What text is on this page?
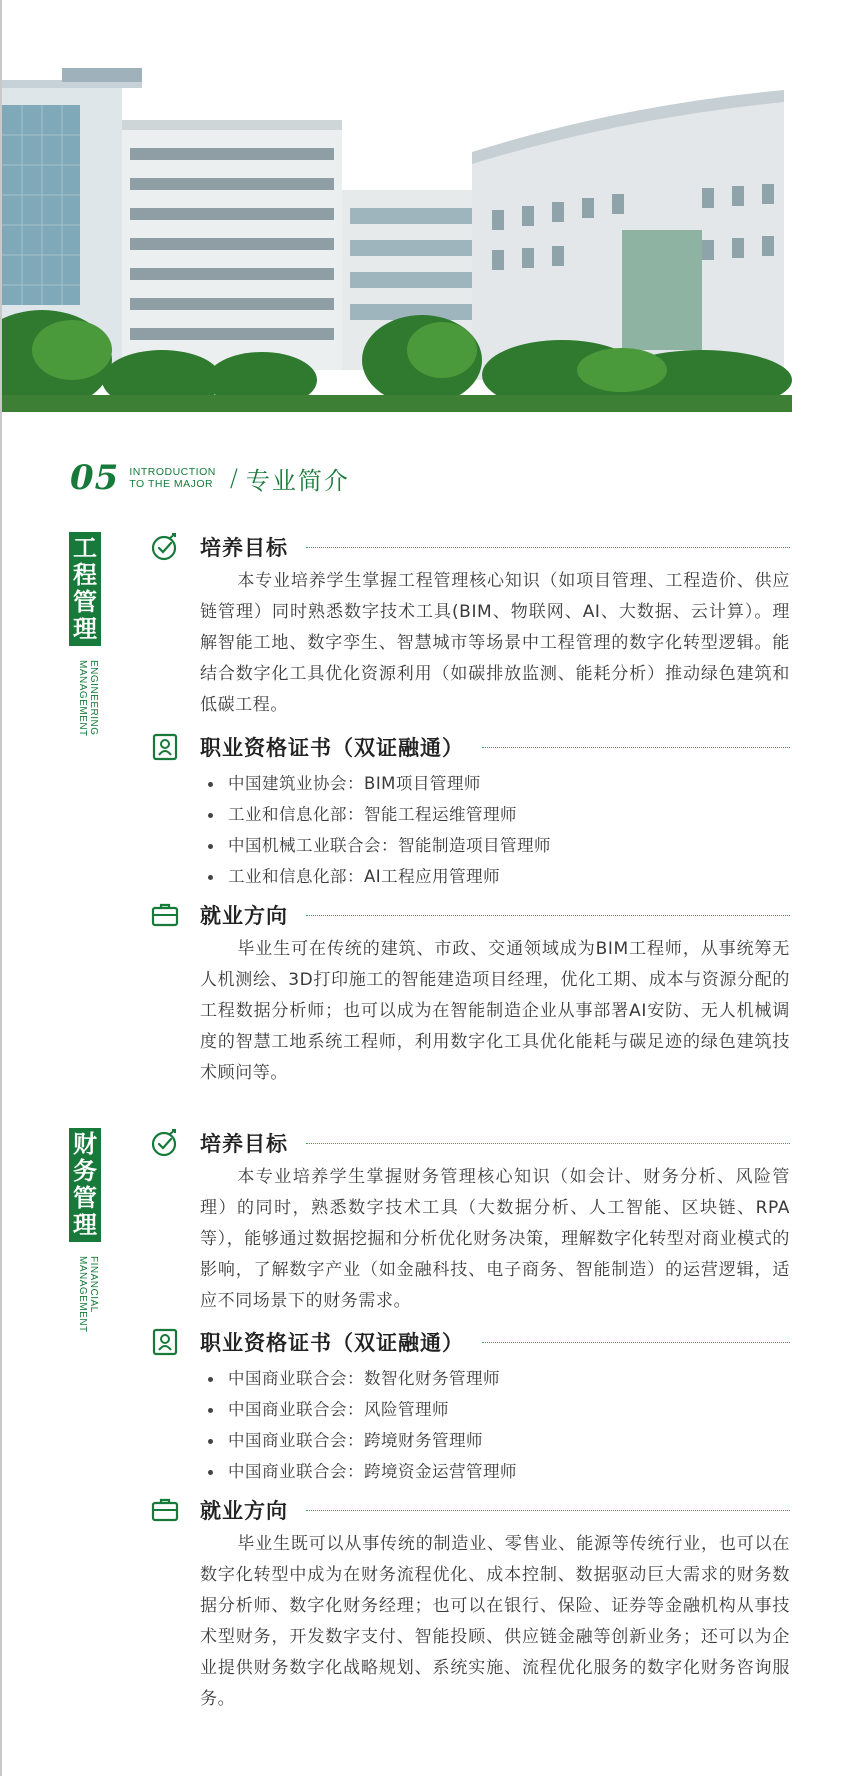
05 INTRODUCTION
TO THE MAJOR / 专业简介
工
程
管
理
ENGINEERING
MANAGEMENT
培养目标
本专业培养学生掌握工程管理核心知识（如项目管理、工程造价、供应链管理）同时熟悉数字技术工具(BIM、物联网、AI、大数据、云计算）。理解智能工地、数字孪生、智慧城市等场景中工程管理的数字化转型逻辑。能结合数字化工具优化资源利用（如碳排放监测、能耗分析）推动绿色建筑和低碳工程。
职业资格证书（双证融通）
中国建筑业协会：BIM项目管理师
工业和信息化部：智能工程运维管理师
中国机械工业联合会：智能制造项目管理师
工业和信息化部：AI工程应用管理师
就业方向
毕业生可在传统的建筑、市政、交通领域成为BIM工程师，从事统筹无人机测绘、3D打印施工的智能建造项目经理，优化工期、成本与资源分配的工程数据分析师；也可以成为在智能制造企业从事部署AI安防、无人机械调度的智慧工地系统工程师，利用数字化工具优化能耗与碳足迹的绿色建筑技术顾问等。
财
务
管
理
FINANCIAL
MANAGEMENT
培养目标
本专业培养学生掌握财务管理核心知识（如会计、财务分析、风险管理）的同时，熟悉数字技术工具（大数据分析、人工智能、区块链、RPA等），能够通过数据挖掘和分析优化财务决策，理解数字化转型对商业模式的影响，了解数字产业（如金融科技、电子商务、智能制造）的运营逻辑，适应不同场景下的财务需求。
职业资格证书（双证融通）
中国商业联合会：数智化财务管理师
中国商业联合会：风险管理师
中国商业联合会：跨境财务管理师
中国商业联合会：跨境资金运营管理师
就业方向
毕业生既可以从事传统的制造业、零售业、能源等传统行业，也可以在数字化转型中成为在财务流程优化、成本控制、数据驱动巨大需求的财务数据分析师、数字化财务经理；也可以在银行、保险、证券等金融机构从事技术型财务，开发数字支付、智能投顾、供应链金融等创新业务；还可以为企业提供财务数字化战略规划、系统实施、流程优化服务的数字化财务咨询服务。
